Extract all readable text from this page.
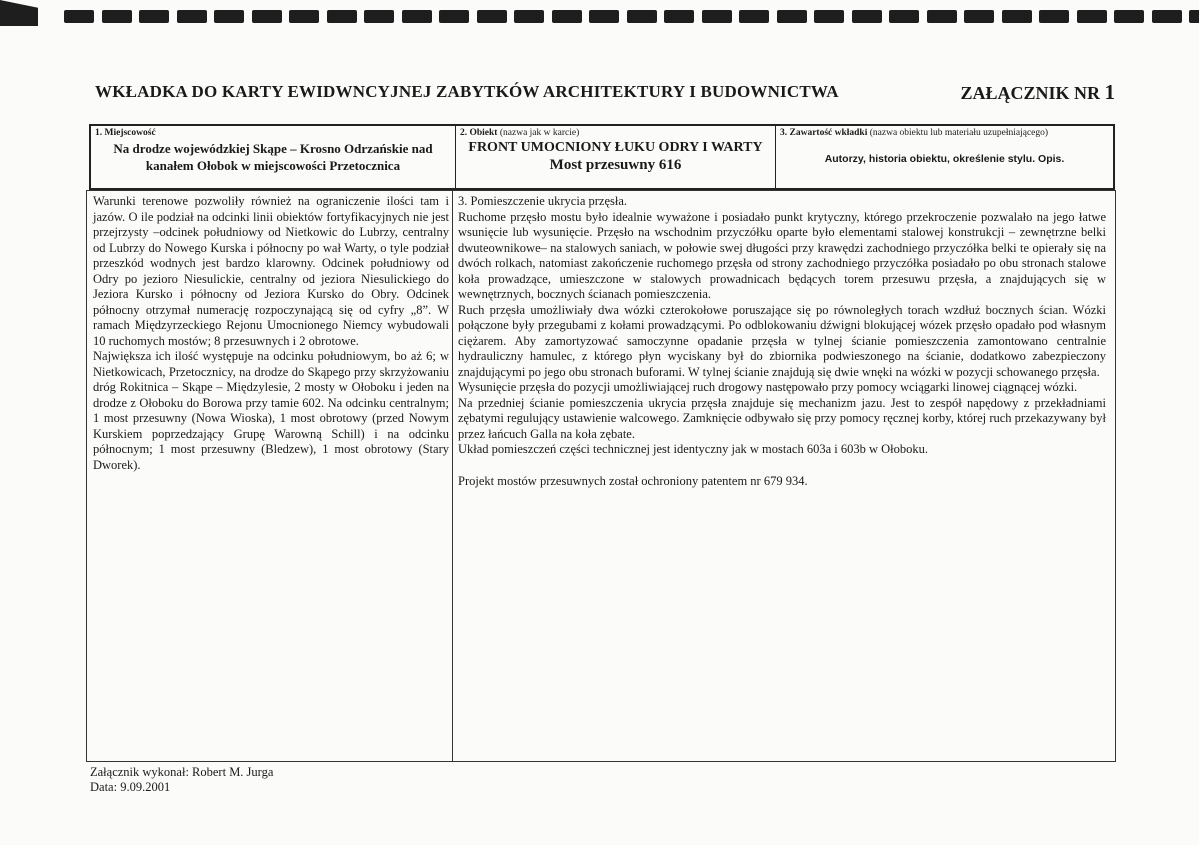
WKŁADKA DO KARTY EWIDWNCYJNEJ ZABYTKÓW ARCHITEKTURY I BUDOWNICTWA	ZAŁĄCZNIK NR 1
1. Miejscowość
Na drodze wojewódzkiej Skąpe – Krosno Odrzańskie nad kanałem Ołobok w miejscowości Przetocznica
2. Obiekt (nazwa jak w karcie)
FRONT UMOCNIONY ŁUKU ODRY I WARTY
Most przesuwny 616
3. Zawartość wkładki (nazwa obiektu lub materiału uzupełniającego)
Autorzy, historia obiektu, określenie stylu. Opis.

Warunki terenowe pozwoliły również na ograniczenie ilości tam i jazów. O ile podział na odcinki linii obiektów fortyfikacyjnych nie jest przejrzysty –odcinek południowy od Nietkowic do Lubrzy, centralny od Lubrzy do Nowego Kurska i północny po wał Warty, o tyle podział przeszkód wodnych jest bardzo klarowny. Odcinek południowy od Odry po jezioro Niesulickie, centralny od jeziora Niesulickiego do Jeziora Kursko i północny od Jeziora Kursko do Obry. Odcinek północny otrzymał numerację rozpoczynającą się od cyfry „8”. W ramach Międzyrzeckiego Rejonu Umocnionego Niemcy wybudowali 10 ruchomych mostów; 8 przesuwnych i 2 obrotowe.

Największa ich ilość występuje na odcinku południowym, bo aż 6; w Nietkowicach, Przetocznicy, na drodze do Skąpego przy skrzyżowaniu dróg Rokitnica – Skąpe – Międzylesie, 2 mosty w Ołoboku i jeden na drodze z Ołoboku do Borowa przy tamie 602. Na odcinku centralnym; 1 most przesuwny (Nowa Wioska), 1 most obrotowy (przed Nowym Kurskiem poprzedzający Grupę Warowną Schill) i na odcinku północnym; 1 most przesuwny (Bledzew), 1 most obrotowy (Stary Dworek).

3. Pomieszczenie ukrycia przęsła.

Ruchome przęsło mostu było idealnie wyważone i posiadało punkt krytyczny, którego przekroczenie pozwalało na jego łatwe wsunięcie lub wysunięcie. Przęsło na wschodnim przyczółku oparte było elementami stalowej konstrukcji – zewnętrzne belki dwuteownikowe– na stalowych saniach, w połowie swej długości przy krawędzi zachodniego przyczółka belki te opierały się na dwóch rolkach, natomiast zakończenie ruchomego przęsła od strony zachodniego przyczółka posiadało po obu stronach stalowe koła prowadzące, umieszczone w stalowych prowadnicach będących torem przesuwu przęsła, a znajdujących się w wewnętrznych, bocznych ścianach pomieszczenia.

Ruch przęsła umożliwiały dwa wózki czterokołowe poruszające się po równoległych torach wzdłuż bocznych ścian. Wózki połączone były przegubami z kołami prowadzącymi. Po odblokowaniu dźwigni blokującej wózek przęsło opadało pod własnym ciężarem. Aby zamortyzować samoczynne opadanie przęsła w tylnej ścianie pomieszczenia zamontowano centralnie hydrauliczny hamulec, z którego płyn wyciskany był do zbiornika podwieszonego na ścianie, dodatkowo zabezpieczony znajdującymi po jego obu stronach buforami. W tylnej ścianie znajdują się dwie wnęki na wózki w pozycji schowanego przęsła.

Wysunięcie przęsła do pozycji umożliwiającej ruch drogowy następowało przy pomocy wciągarki linowej ciągnącej wózki.

Na przedniej ścianie pomieszczenia ukrycia przęsła znajduje się mechanizm jazu. Jest to zespół napędowy z przekładniami zębatymi regulujący ustawienie walcowego. Zamknięcie odbywało się przy pomocy ręcznej korby, której ruch przekazywany był przez łańcuch Galla na koła zębate.

Układ pomieszczeń części technicznej jest identyczny jak w mostach 603a i 603b w Ołoboku.

Projekt mostów przesuwnych został ochroniony patentem nr 679 934.

Załącznik wykonał: Robert M. Jurga
Data: 9.09.2001
